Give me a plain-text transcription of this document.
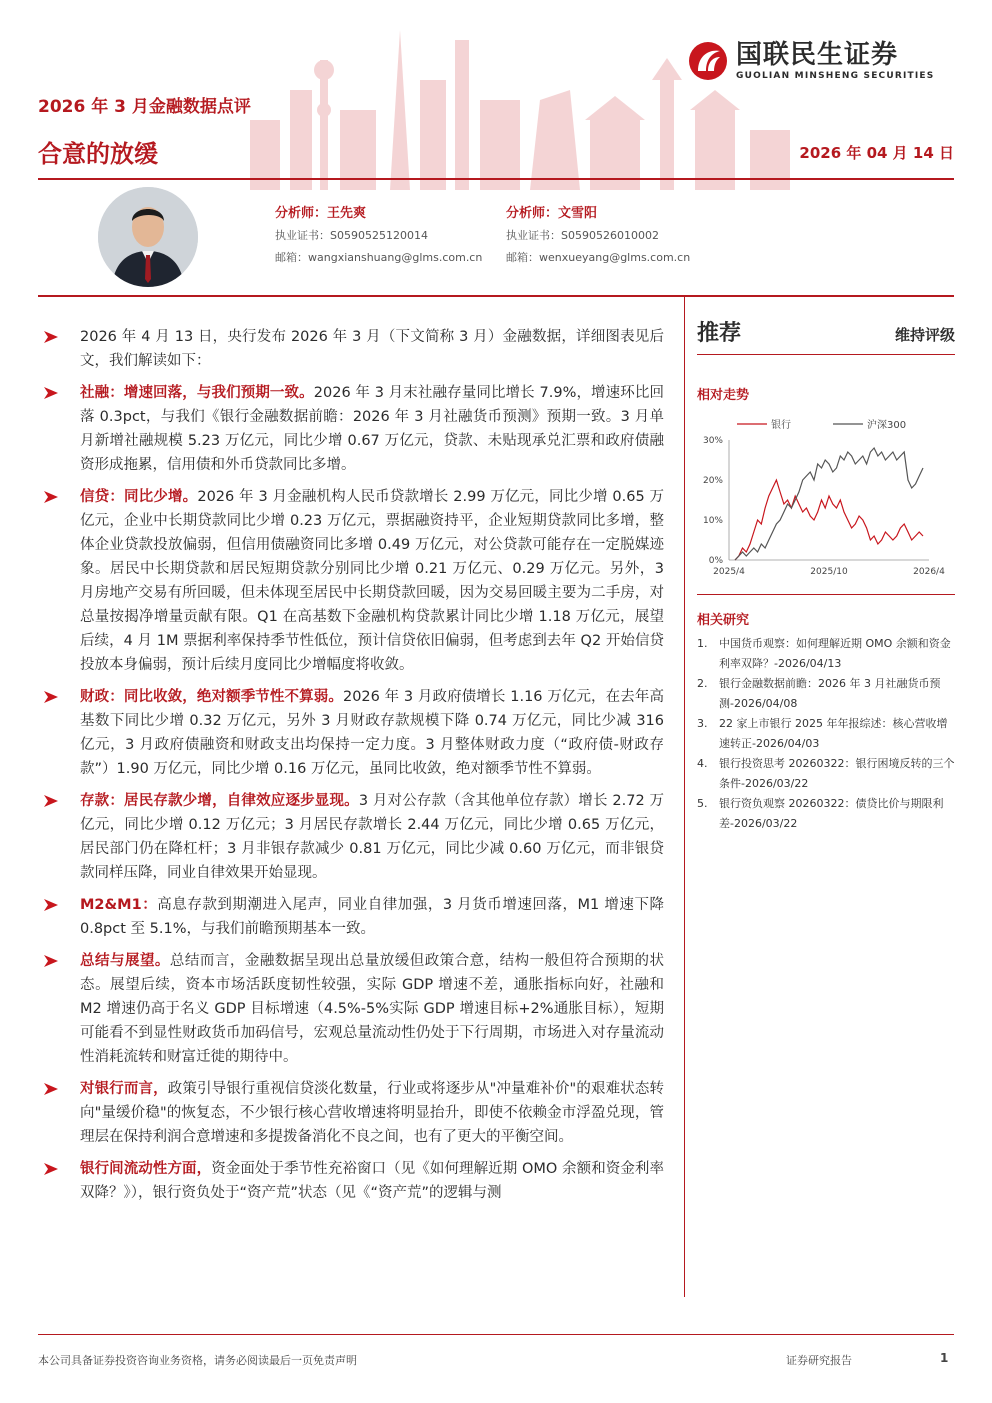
国联民生证券
GUOLIAN MINSHENG SECURITIES
2026 年 3 月金融数据点评
合意的放缓	2026 年 04 月 14 日
分析师：王先爽
执业证书：S0590525120014
邮箱：wangxianshuang@glms.com.cn
分析师：文雪阳
执业证书：S0590526010002
邮箱：wenxueyang@glms.com.cn
2026 年 4 月 13 日，央行发布 2026 年 3 月（下文简称 3 月）金融数据，详细图表见后文，我们解读如下：
社融：增速回落，与我们预期一致。2026 年 3 月末社融存量同比增长 7.9%，增速环比回落 0.3pct，与我们《银行金融数据前瞻：2026 年 3 月社融货币预测》预期一致。3 月单月新增社融规模 5.23 万亿元，同比少增 0.67 万亿元，贷款、未贴现承兑汇票和政府债融资形成拖累，信用债和外币贷款同比多增。
信贷：同比少增。2026 年 3 月金融机构人民币贷款增长 2.99 万亿元，同比少增 0.65 万亿元，企业中长期贷款同比少增 0.23 万亿元，票据融资持平，企业短期贷款同比多增，整体企业贷款投放偏弱，但信用债融资同比多增 0.49 万亿元，对公贷款可能存在一定脱媒迹象。居民中长期贷款和居民短期贷款分别同比少增 0.21 万亿元、0.29 万亿元。另外，3 月房地产交易有所回暖，但未体现至居民中长期贷款回暖，因为交易回暖主要为二手房，对总量按揭净增量贡献有限。Q1 在高基数下金融机构贷款累计同比少增 1.18 万亿元，展望后续，4 月 1M 票据利率保持季节性低位，预计信贷依旧偏弱，但考虑到去年 Q2 开始信贷投放本身偏弱，预计后续月度同比少增幅度将收敛。
财政：同比收敛，绝对额季节性不算弱。2026 年 3 月政府债增长 1.16 万亿元，在去年高基数下同比少增 0.32 万亿元，另外 3 月财政存款规模下降 0.74 万亿元，同比少减 316 亿元，3 月政府债融资和财政支出均保持一定力度。3 月整体财政力度（“政府债-财政存款”）1.90 万亿元，同比少增 0.16 万亿元，虽同比收敛，绝对额季节性不算弱。
存款：居民存款少增，自律效应逐步显现。3 月对公存款（含其他单位存款）增长 2.72 万亿元，同比少增 0.12 万亿元；3 月居民存款增长 2.44 万亿元，同比少增 0.65 万亿元，居民部门仍在降杠杆；3 月非银存款减少 0.81 万亿元，同比少减 0.60 万亿元，而非银贷款同样压降，同业自律效果开始显现。
M2&M1：高息存款到期潮进入尾声，同业自律加强，3 月货币增速回落，M1 增速下降 0.8pct 至 5.1%，与我们前瞻预期基本一致。
总结与展望。总结而言，金融数据呈现出总量放缓但政策合意，结构一般但符合预期的状态。展望后续，资本市场活跃度韧性较强，实际 GDP 增速不差，通胀指标向好，社融和 M2 增速仍高于名义 GDP 目标增速（4.5%-5%实际 GDP 增速目标+2%通胀目标），短期可能看不到显性财政货币加码信号，宏观总量流动性仍处于下行周期，市场进入对存量流动性消耗流转和财富迁徙的期待中。
对银行而言，政策引导银行重视信贷淡化数量，行业或将逐步从"冲量难补价"的艰难状态转向"量缓价稳"的恢复态，不少银行核心营收增速将明显抬升，即使不依赖金市浮盈兑现，管理层在保持利润合意增速和多提拨备消化不良之间，也有了更大的平衡空间。
银行间流动性方面，资金面处于季节性充裕窗口（见《如何理解近期 OMO 余额和资金利率双降？》），银行资负处于“资产荒”状态（见《“资产荒”的逻辑与测
推荐	维持评级
相对走势
银行	沪深300
30%
20%
10%
0%
2025/4	2025/10	2026/4
相关研究
1. 中国货币观察：如何理解近期 OMO 余额和资金利率双降？-2026/04/13
2. 银行金融数据前瞻：2026 年 3 月社融货币预测-2026/04/08
3. 22 家上市银行 2025 年年报综述：核心营收增速转正-2026/04/03
4. 银行投资思考 20260322：银行困境反转的三个条件-2026/03/22
5. 银行资负观察 20260322：债贷比价与期限利差-2026/03/22
本公司具备证券投资咨询业务资格，请务必阅读最后一页免责声明	证券研究报告	1
